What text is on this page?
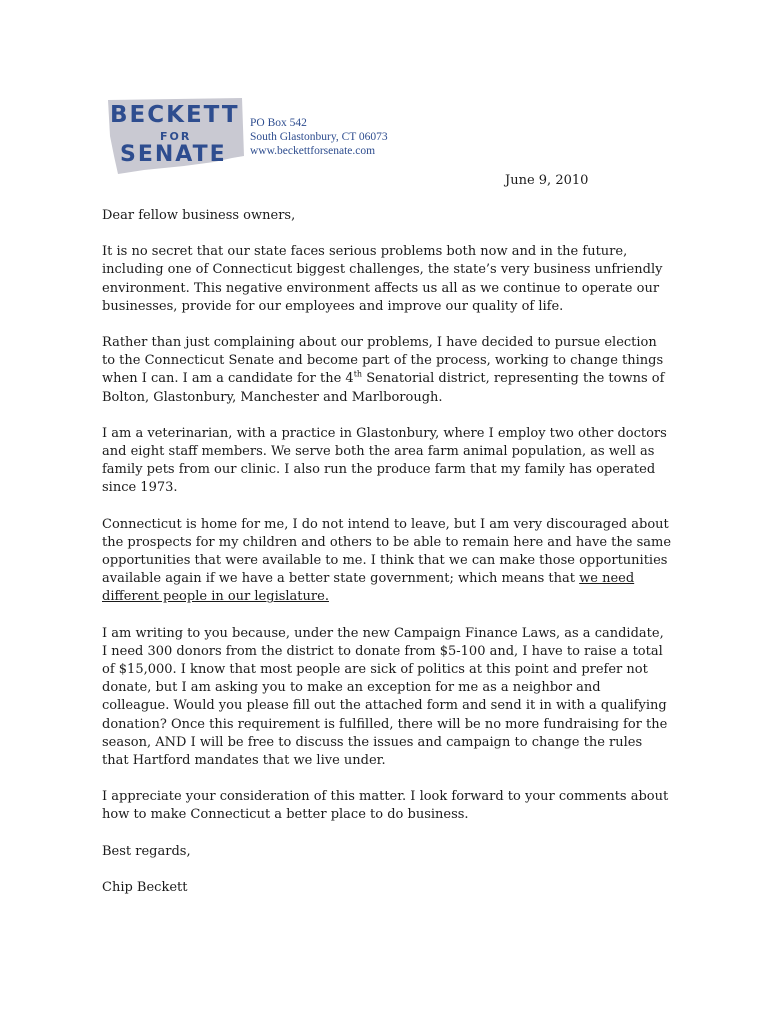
BECKETT
FOR
SENATE
PO Box 542
South Glastonbury, CT 06073
www.beckettforsenate.com
June 9, 2010

Dear fellow business owners,

It is no secret that our state faces serious problems both now and in the future, including one of Connecticut biggest challenges, the state’s very business unfriendly environment. This negative environment affects us all as we continue to operate our businesses, provide for our employees and improve our quality of life.

Rather than just complaining about our problems, I have decided to pursue election to the Connecticut Senate and become part of the process, working to change things when I can. I am a candidate for the 4th Senatorial district, representing the towns of Bolton, Glastonbury, Manchester and Marlborough.

I am a veterinarian, with a practice in Glastonbury, where I employ two other doctors and eight staff members. We serve both the area farm animal population, as well as family pets from our clinic. I also run the produce farm that my family has operated since 1973.

Connecticut is home for me, I do not intend to leave, but I am very discouraged about the prospects for my children and others to be able to remain here and have the same opportunities that were available to me. I think that we can make those opportunities available again if we have a better state government; which means that we need different people in our legislature.

I am writing to you because, under the new Campaign Finance Laws, as a candidate, I need 300 donors from the district to donate from $5-100 and, I have to raise a total of $15,000. I know that most people are sick of politics at this point and prefer not donate, but I am asking you to make an exception for me as a neighbor and colleague. Would you please fill out the attached form and send it in with a qualifying donation? Once this requirement is fulfilled, there will be no more fundraising for the season, AND I will be free to discuss the issues and campaign to change the rules that Hartford mandates that we live under.

I appreciate your consideration of this matter. I look forward to your comments about how to make Connecticut a better place to do business.

Best regards,

Chip Beckett
